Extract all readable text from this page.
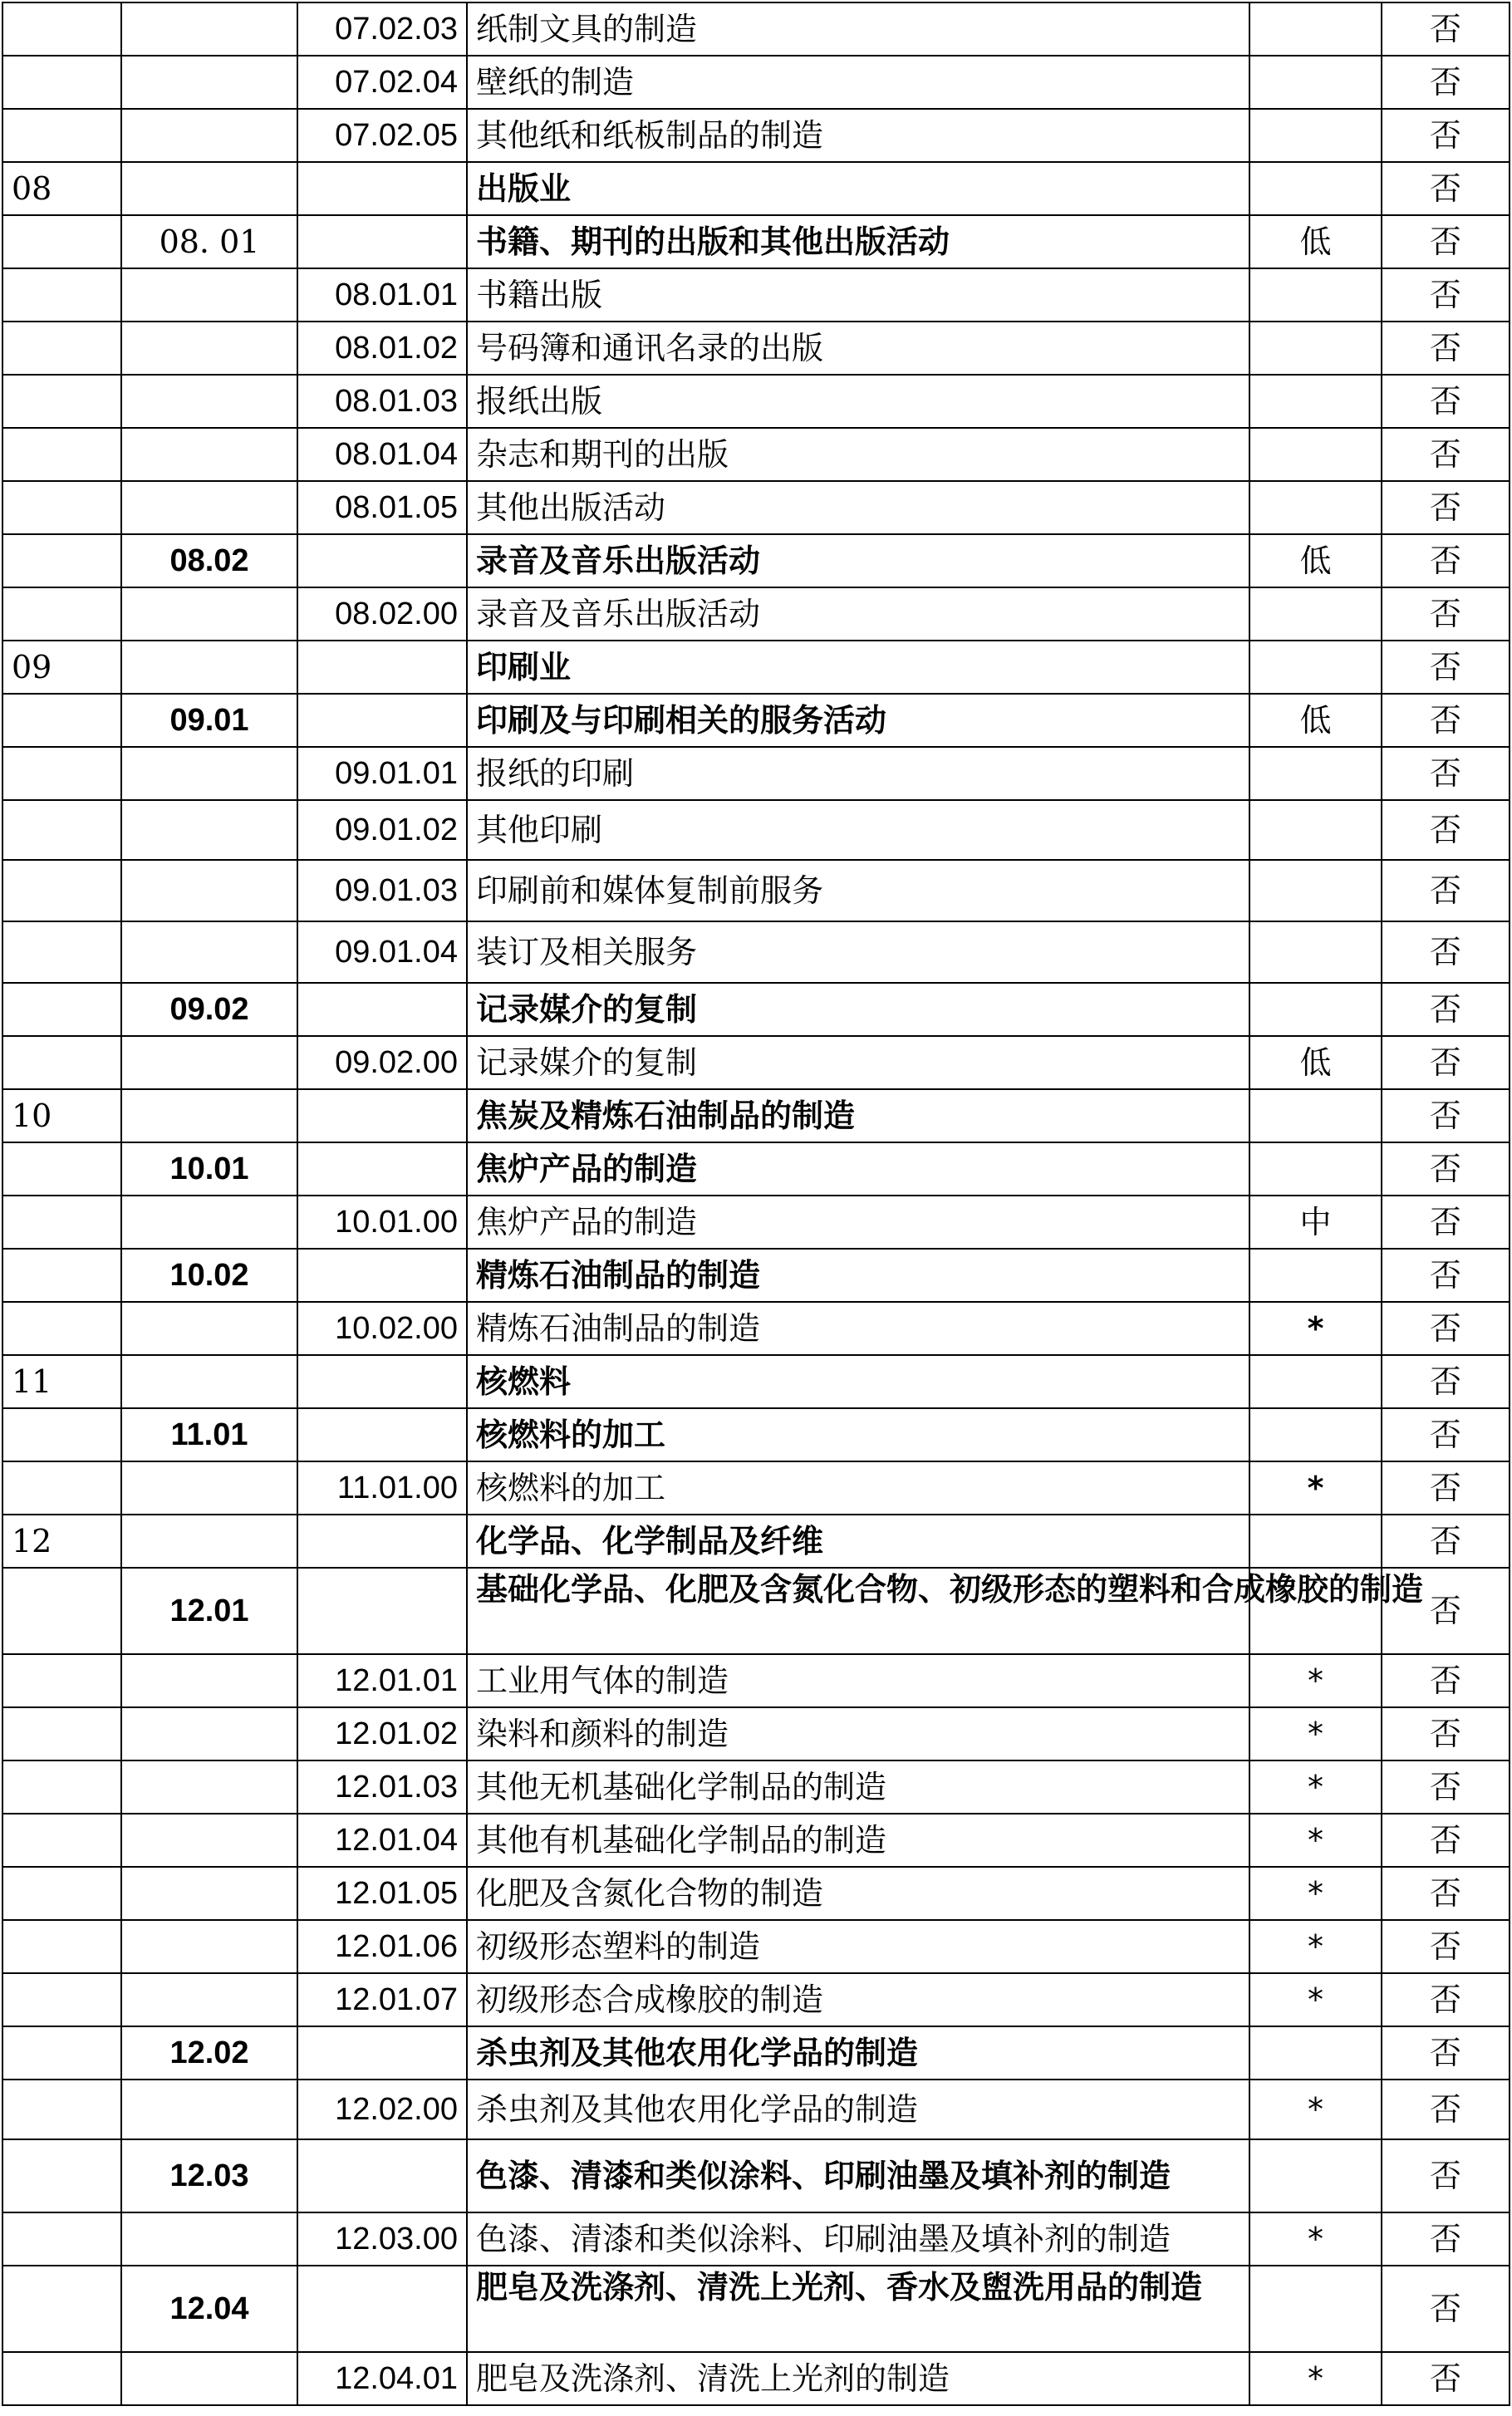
		07.02.03	纸制文具的制造		否
		07.02.04	壁纸的制造		否
		07.02.05	其他纸和纸板制品的制造		否
08			出版业		否
	08. 01		书籍、期刊的出版和其他出版活动	低	否
		08.01.01	书籍出版		否
		08.01.02	号码簿和通讯名录的出版		否
		08.01.03	报纸出版		否
		08.01.04	杂志和期刊的出版		否
		08.01.05	其他出版活动		否
	08.02		录音及音乐出版活动	低	否
		08.02.00	录音及音乐出版活动		否
09			印刷业		否
	09.01		印刷及与印刷相关的服务活动	低	否
		09.01.01	报纸的印刷		否
		09.01.02	其他印刷		否
		09.01.03	印刷前和媒体复制前服务		否
		09.01.04	装订及相关服务		否
	09.02		记录媒介的复制		否
		09.02.00	记录媒介的复制	低	否
10			焦炭及精炼石油制品的制造		否
	10.01		焦炉产品的制造		否
		10.01.00	焦炉产品的制造	中	否
	10.02		精炼石油制品的制造		否
		10.02.00	精炼石油制品的制造	*	否
11			核燃料		否
	11.01		核燃料的加工		否
		11.01.00	核燃料的加工	*	否
12			化学品、化学制品及纤维		否
	12.01		基础化学品、化肥及含氮化合物、初级形态的塑料和合成橡胶的制造		否
		12.01.01	工业用气体的制造	*	否
		12.01.02	染料和颜料的制造	*	否
		12.01.03	其他无机基础化学制品的制造	*	否
		12.01.04	其他有机基础化学制品的制造	*	否
		12.01.05	化肥及含氮化合物的制造	*	否
		12.01.06	初级形态塑料的制造	*	否
		12.01.07	初级形态合成橡胶的制造	*	否
	12.02		杀虫剂及其他农用化学品的制造		否
		12.02.00	杀虫剂及其他农用化学品的制造	*	否
	12.03		色漆、清漆和类似涂料、印刷油墨及填补剂的制造		否
		12.03.00	色漆、清漆和类似涂料、印刷油墨及填补剂的制造	*	否
	12.04		肥皂及洗涤剂、清洗上光剂、香水及盥洗用品的制造		否
		12.04.01	肥皂及洗涤剂、清洗上光剂的制造	*	否
